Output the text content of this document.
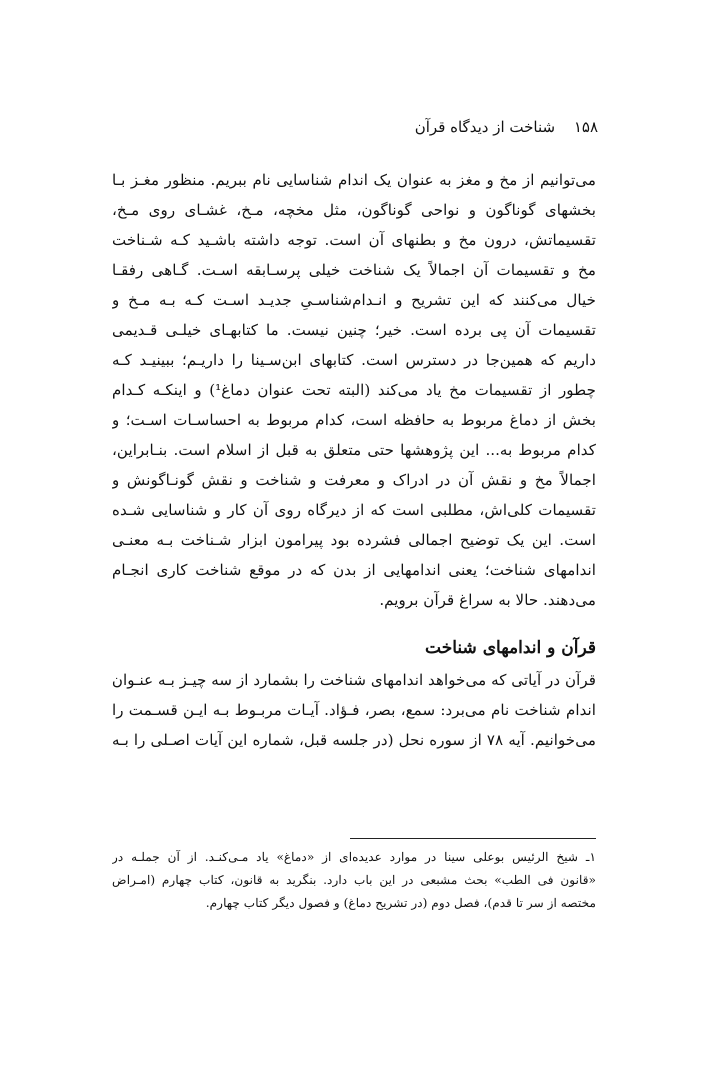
۱۵۸ شناخت از دیدگاه قرآن
می‌توانیم از مخ و مغز به عنوان یک اندام شناسایی نام ببریم. منظور مغـز بـا
بخشهای گوناگون و نواحی گوناگون، مثل مخچه، مـخ، غشـای روی مـخ،
تقسیماتش، درون مخ و بطنهای آن است. توجه داشته باشـید کـه شـناخت
مخ و تقسیمات آن اجمالاً یک شناخت خیلی پرسـابقه اسـت. گـاهی رفقـا
خیال می‌کنند که این تشریح و انـدام‌شناسـیِ جدیـد اسـت کـه بـه مـخ و
تقسیمات آن پی برده است. خیر؛ چنین نیست. ما کتابهـای خیلـی قـدیمی
داریم که همین‌جا در دسترس است. کتابهای ابن‌سـینا را داریـم؛ ببینیـد کـه
چطور از تقسیمات مخ یاد می‌کند (البته تحت عنوان دماغ¹) و اینکـه کـدام
بخش از دماغ مربوط به حافظه است، کدام مربوط به احساسـات اسـت؛ و
کدام مربوط به... این پژوهشها حتی متعلق به قبل از اسلام است. بنـابراین،
اجمالاً مخ و نقش آن در ادراک و معرفت و شناخت و نقش گونـاگونش و
تقسیمات کلی‌اش، مطلبی است که از دیرگاه روی آن کار و شناسایی شـده
است. این یک توضیح اجمالی فشرده بود پیرامون ابزار شـناخت بـه معنـی
اندامهای شناخت؛ یعنی اندامهایی از بدن که در موقع شناخت کاری انجـام
می‌دهند. حالا به سراغ قرآن برویم.
قرآن و اندامهای شناخت
قرآن در آیاتی که می‌خواهد اندامهای شناخت را بشمارد از سه چیـز بـه عنـوان
اندام شناخت نام می‌برد: سمع، بصر، فـؤاد. آیـات مربـوط بـه ایـن قسـمت را
می‌خوانیم. آیه ۷۸ از سوره نحل (در جلسه قبل، شماره این آیات اصـلی را بـه
۱ـ شیخ الرئیس بوعلی سینا در موارد عدیده‌ای از «دماغ» یاد مـی‌کنـد. از آن جملـه در
«قانون فی الطب» بحث مشبعی در این باب دارد. بنگرید به قانون، کتاب چهارم (امـراض
مختصه از سر تا قدم)، فصل دوم (در تشریح دماغ) و فصول دیگر کتاب چهارم.
